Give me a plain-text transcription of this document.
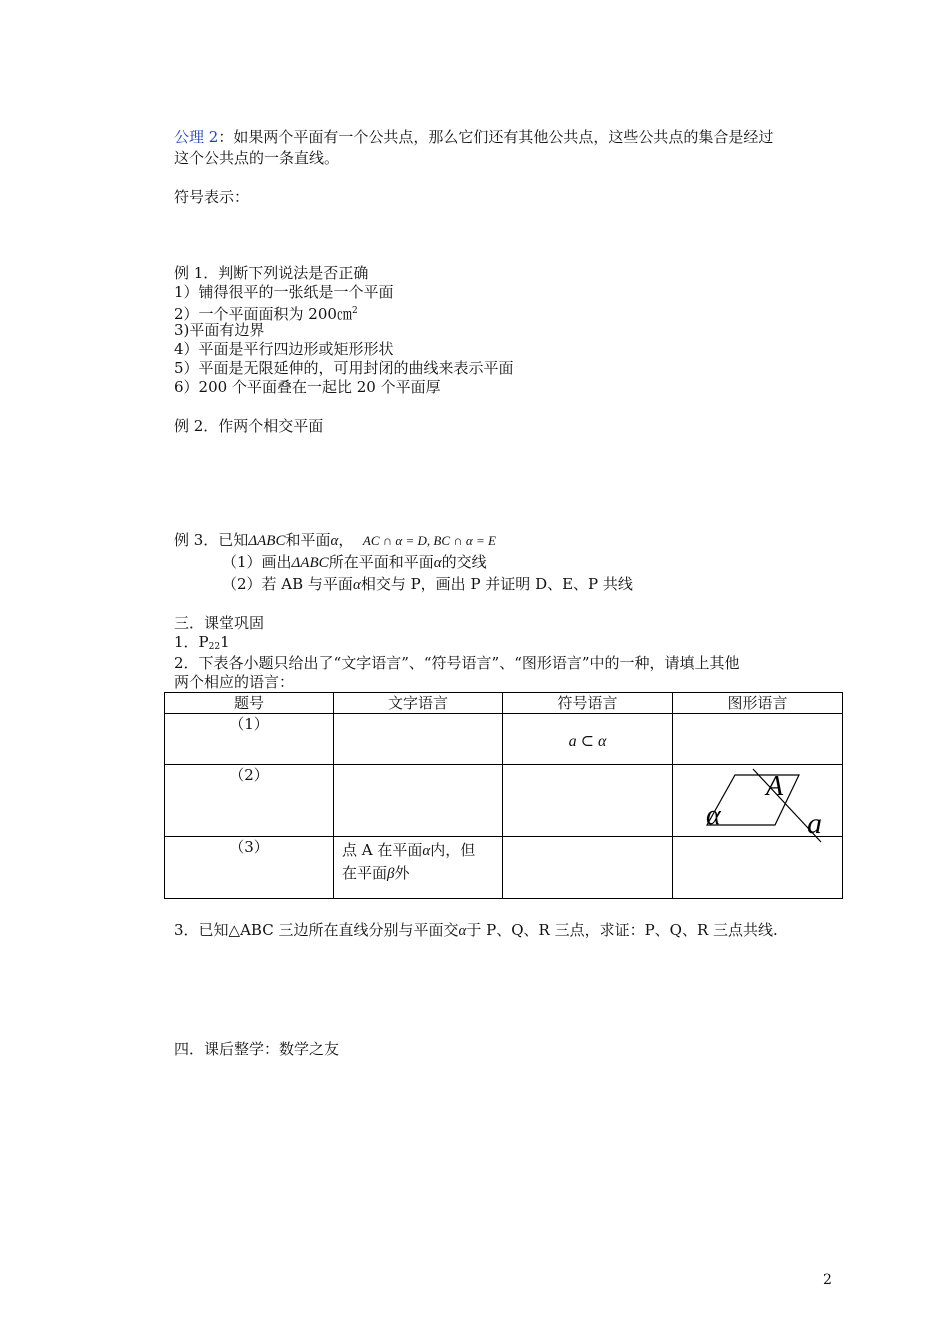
公理 2：如果两个平面有一个公共点，那么它们还有其他公共点，这些公共点的集合是经过
这个公共点的一条直线。
符号表示：
例 1．判断下列说法是否正确
1）铺得很平的一张纸是一个平面
2）一个平面面积为 200㎝$^2$
3)平面有边界
4）平面是平行四边形或矩形形状
5）平面是无限延伸的，可用封闭的曲线来表示平面
6）200 个平面叠在一起比 20 个平面厚
例 2．作两个相交平面
例 3．已知ΔABC和平面α， AC ∩ α = D, BC ∩ α = E
（1）画出ΔABC所在平面和平面α的交线
（2）若 AB 与平面α相交与 P，画出 P 并证明 D、E、P 共线
三．课堂巩固
1．$P_{22}1$
2．下表各小题只给出了“文字语言”、“符号语言”、“图形语言”中的一种，请填上其他
两个相应的语言：
题号	文字语言	符号语言	图形语言

（1）		a ⊂ α	

（2）			A
α a

（3）	点 A 在平面α内，但
在平面β外		

3．已知△ABC 三边所在直线分别与平面交α于 P、Q、R 三点，求证：P、Q、R 三点共线.
四．课后整学：数学之友
2
